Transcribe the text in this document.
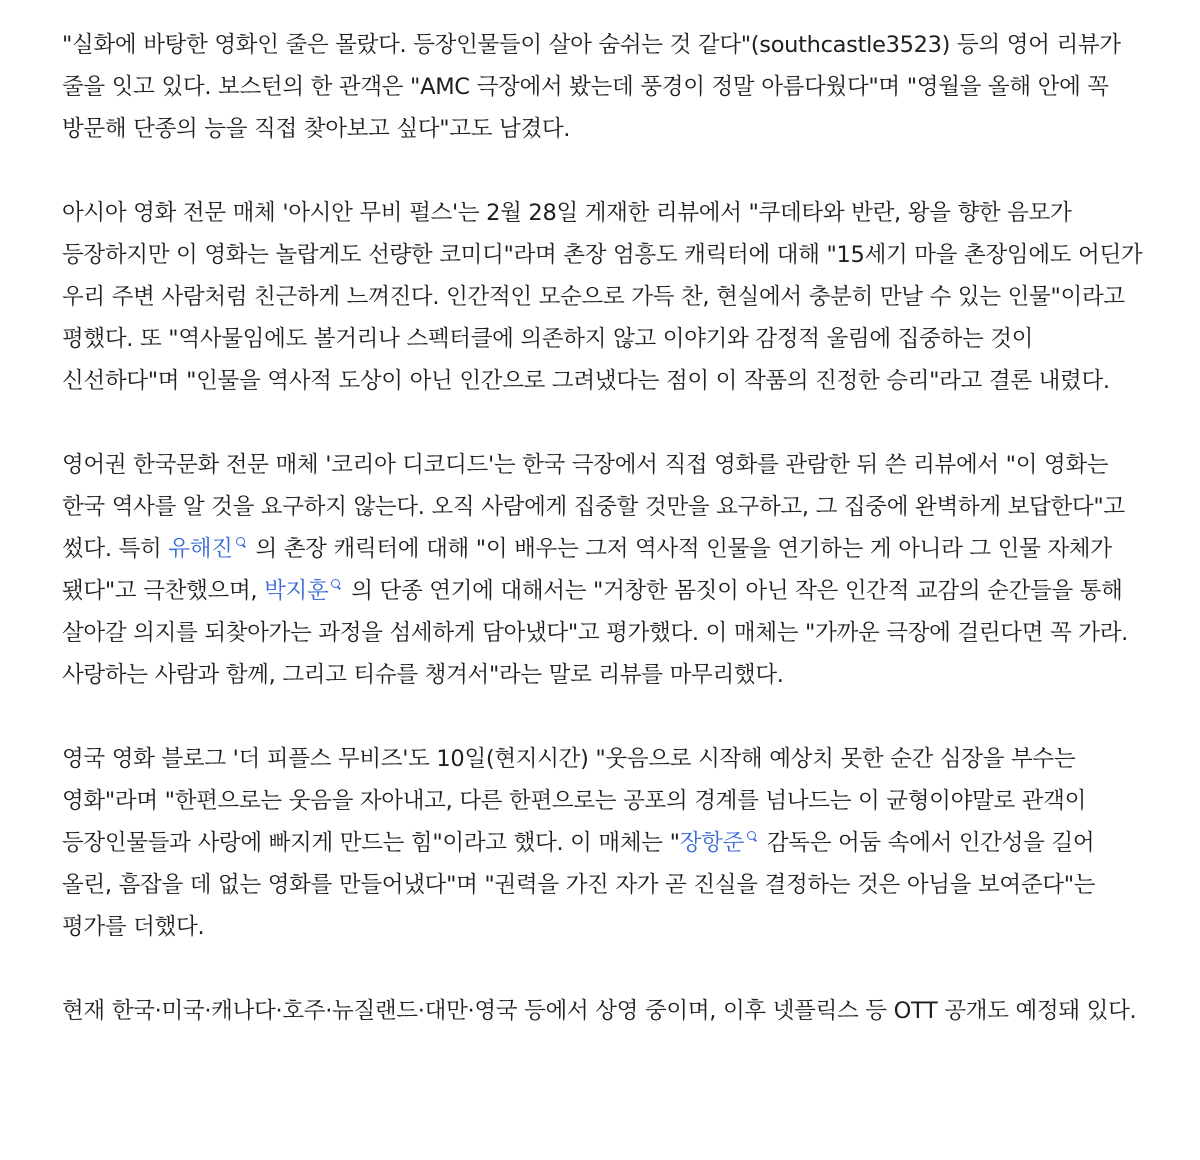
"실화에 바탕한 영화인 줄은 몰랐다. 등장인물들이 살아 숨쉬는 것 같다"(southcastle3523) 등의 영어 리뷰가 줄을 잇고 있다. 보스턴의 한 관객은 "AMC 극장에서 봤는데 풍경이 정말 아름다웠다"며 "영월을 올해 안에 꼭 방문해 단종의 능을 직접 찾아보고 싶다"고도 남겼다.

아시아 영화 전문 매체 '아시안 무비 펄스'는 2월 28일 게재한 리뷰에서 "쿠데타와 반란, 왕을 향한 음모가 등장하지만 이 영화는 놀랍게도 선량한 코미디"라며 촌장 엄흥도 캐릭터에 대해 "15세기 마을 촌장임에도 어딘가 우리 주변 사람처럼 친근하게 느껴진다. 인간적인 모순으로 가득 찬, 현실에서 충분히 만날 수 있는 인물"이라고 평했다. 또 "역사물임에도 볼거리나 스펙터클에 의존하지 않고 이야기와 감정적 울림에 집중하는 것이 신선하다"며 "인물을 역사적 도상이 아닌 인간으로 그려냈다는 점이 이 작품의 진정한 승리"라고 결론 내렸다.

영어권 한국문화 전문 매체 '코리아 디코디드'는 한국 극장에서 직접 영화를 관람한 뒤 쓴 리뷰에서 "이 영화는 한국 역사를 알 것을 요구하지 않는다. 오직 사람에게 집중할 것만을 요구하고, 그 집중에 완벽하게 보답한다"고 썼다. 특히 유해진 의 촌장 캐릭터에 대해 "이 배우는 그저 역사적 인물을 연기하는 게 아니라 그 인물 자체가 됐다"고 극찬했으며, 박지훈 의 단종 연기에 대해서는 "거창한 몸짓이 아닌 작은 인간적 교감의 순간들을 통해 살아갈 의지를 되찾아가는 과정을 섬세하게 담아냈다"고 평가했다. 이 매체는 "가까운 극장에 걸린다면 꼭 가라. 사랑하는 사람과 함께, 그리고 티슈를 챙겨서"라는 말로 리뷰를 마무리했다.

영국 영화 블로그 '더 피플스 무비즈'도 10일(현지시간) "웃음으로 시작해 예상치 못한 순간 심장을 부수는 영화"라며 "한편으로는 웃음을 자아내고, 다른 한편으로는 공포의 경계를 넘나드는 이 균형이야말로 관객이 등장인물들과 사랑에 빠지게 만드는 힘"이라고 했다. 이 매체는 "장항준 감독은 어둠 속에서 인간성을 길어 올린, 흠잡을 데 없는 영화를 만들어냈다"며 "권력을 가진 자가 곧 진실을 결정하는 것은 아님을 보여준다"는 평가를 더했다.

현재 한국·미국·캐나다·호주·뉴질랜드·대만·영국 등에서 상영 중이며, 이후 넷플릭스 등 OTT 공개도 예정돼 있다.
